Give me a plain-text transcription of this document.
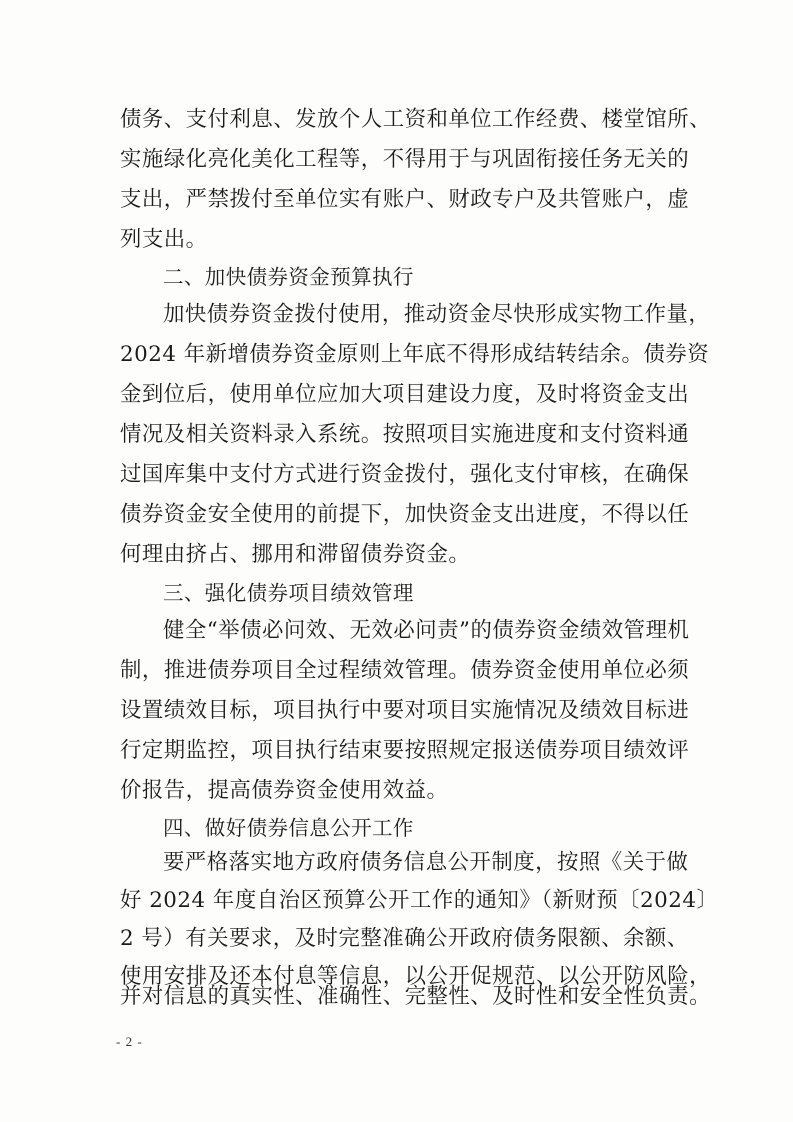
债务、支付利息、发放个人工资和单位工作经费、楼堂馆所、
实施绿化亮化美化工程等，不得用于与巩固衔接任务无关的
支出，严禁拨付至单位实有账户、财政专户及共管账户，虚
列支出。
二、加快债券资金预算执行
加快债券资金拨付使用，推动资金尽快形成实物工作量，
2024 年新增债券资金原则上年底不得形成结转结余。债券资
金到位后，使用单位应加大项目建设力度，及时将资金支出
情况及相关资料录入系统。按照项目实施进度和支付资料通
过国库集中支付方式进行资金拨付，强化支付审核，在确保
债券资金安全使用的前提下，加快资金支出进度，不得以任
何理由挤占、挪用和滞留债券资金。
三、强化债券项目绩效管理
健全“举债必问效、无效必问责”的债券资金绩效管理机
制，推进债券项目全过程绩效管理。债券资金使用单位必须
设置绩效目标，项目执行中要对项目实施情况及绩效目标进
行定期监控，项目执行结束要按照规定报送债券项目绩效评
价报告，提高债券资金使用效益。
四、做好债券信息公开工作
要严格落实地方政府债务信息公开制度，按照《关于做
好 2024 年度自治区预算公开工作的通知》（新财预〔2024〕
2 号）有关要求，及时完整准确公开政府债务限额、余额、
使用安排及还本付息等信息，以公开促规范、以公开防风险，
- 2 -
并对信息的真实性、准确性、完整性、及时性和安全性负责。
